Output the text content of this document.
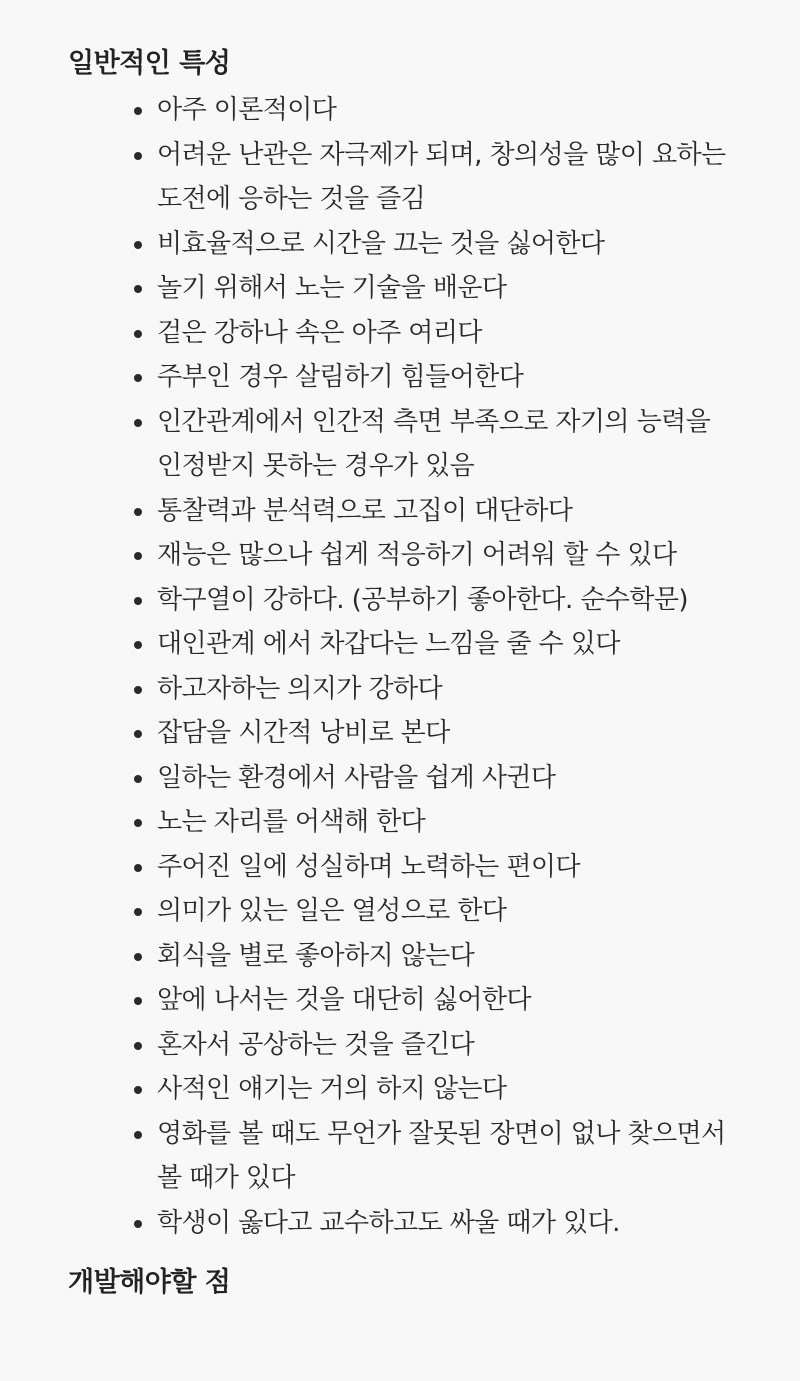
일반적인 특성
아주 이론적이다
어려운 난관은 자극제가 되며, 창의성을 많이 요하는 도전에 응하는 것을 즐김
비효율적으로 시간을 끄는 것을 싫어한다
놀기 위해서 노는 기술을 배운다
겉은 강하나 속은 아주 여리다
주부인 경우 살림하기 힘들어한다
인간관계에서 인간적 측면 부족으로 자기의 능력을 인정받지 못하는 경우가 있음
통찰력과 분석력으로 고집이 대단하다
재능은 많으나 쉽게 적응하기 어려워 할 수 있다
학구열이 강하다. (공부하기 좋아한다. 순수학문)
대인관계 에서 차갑다는 느낌을 줄 수 있다
하고자하는 의지가 강하다
잡담을 시간적 낭비로 본다
일하는 환경에서 사람을 쉽게 사귄다
노는 자리를 어색해 한다
주어진 일에 성실하며 노력하는 편이다
의미가 있는 일은 열성으로 한다
회식을 별로 좋아하지 않는다
앞에 나서는 것을 대단히 싫어한다
혼자서 공상하는 것을 즐긴다
사적인 얘기는 거의 하지 않는다
영화를 볼 때도 무언가 잘못된 장면이 없나 찾으면서 볼 때가 있다
학생이 옳다고 교수하고도 싸울 때가 있다.
개발해야할 점
